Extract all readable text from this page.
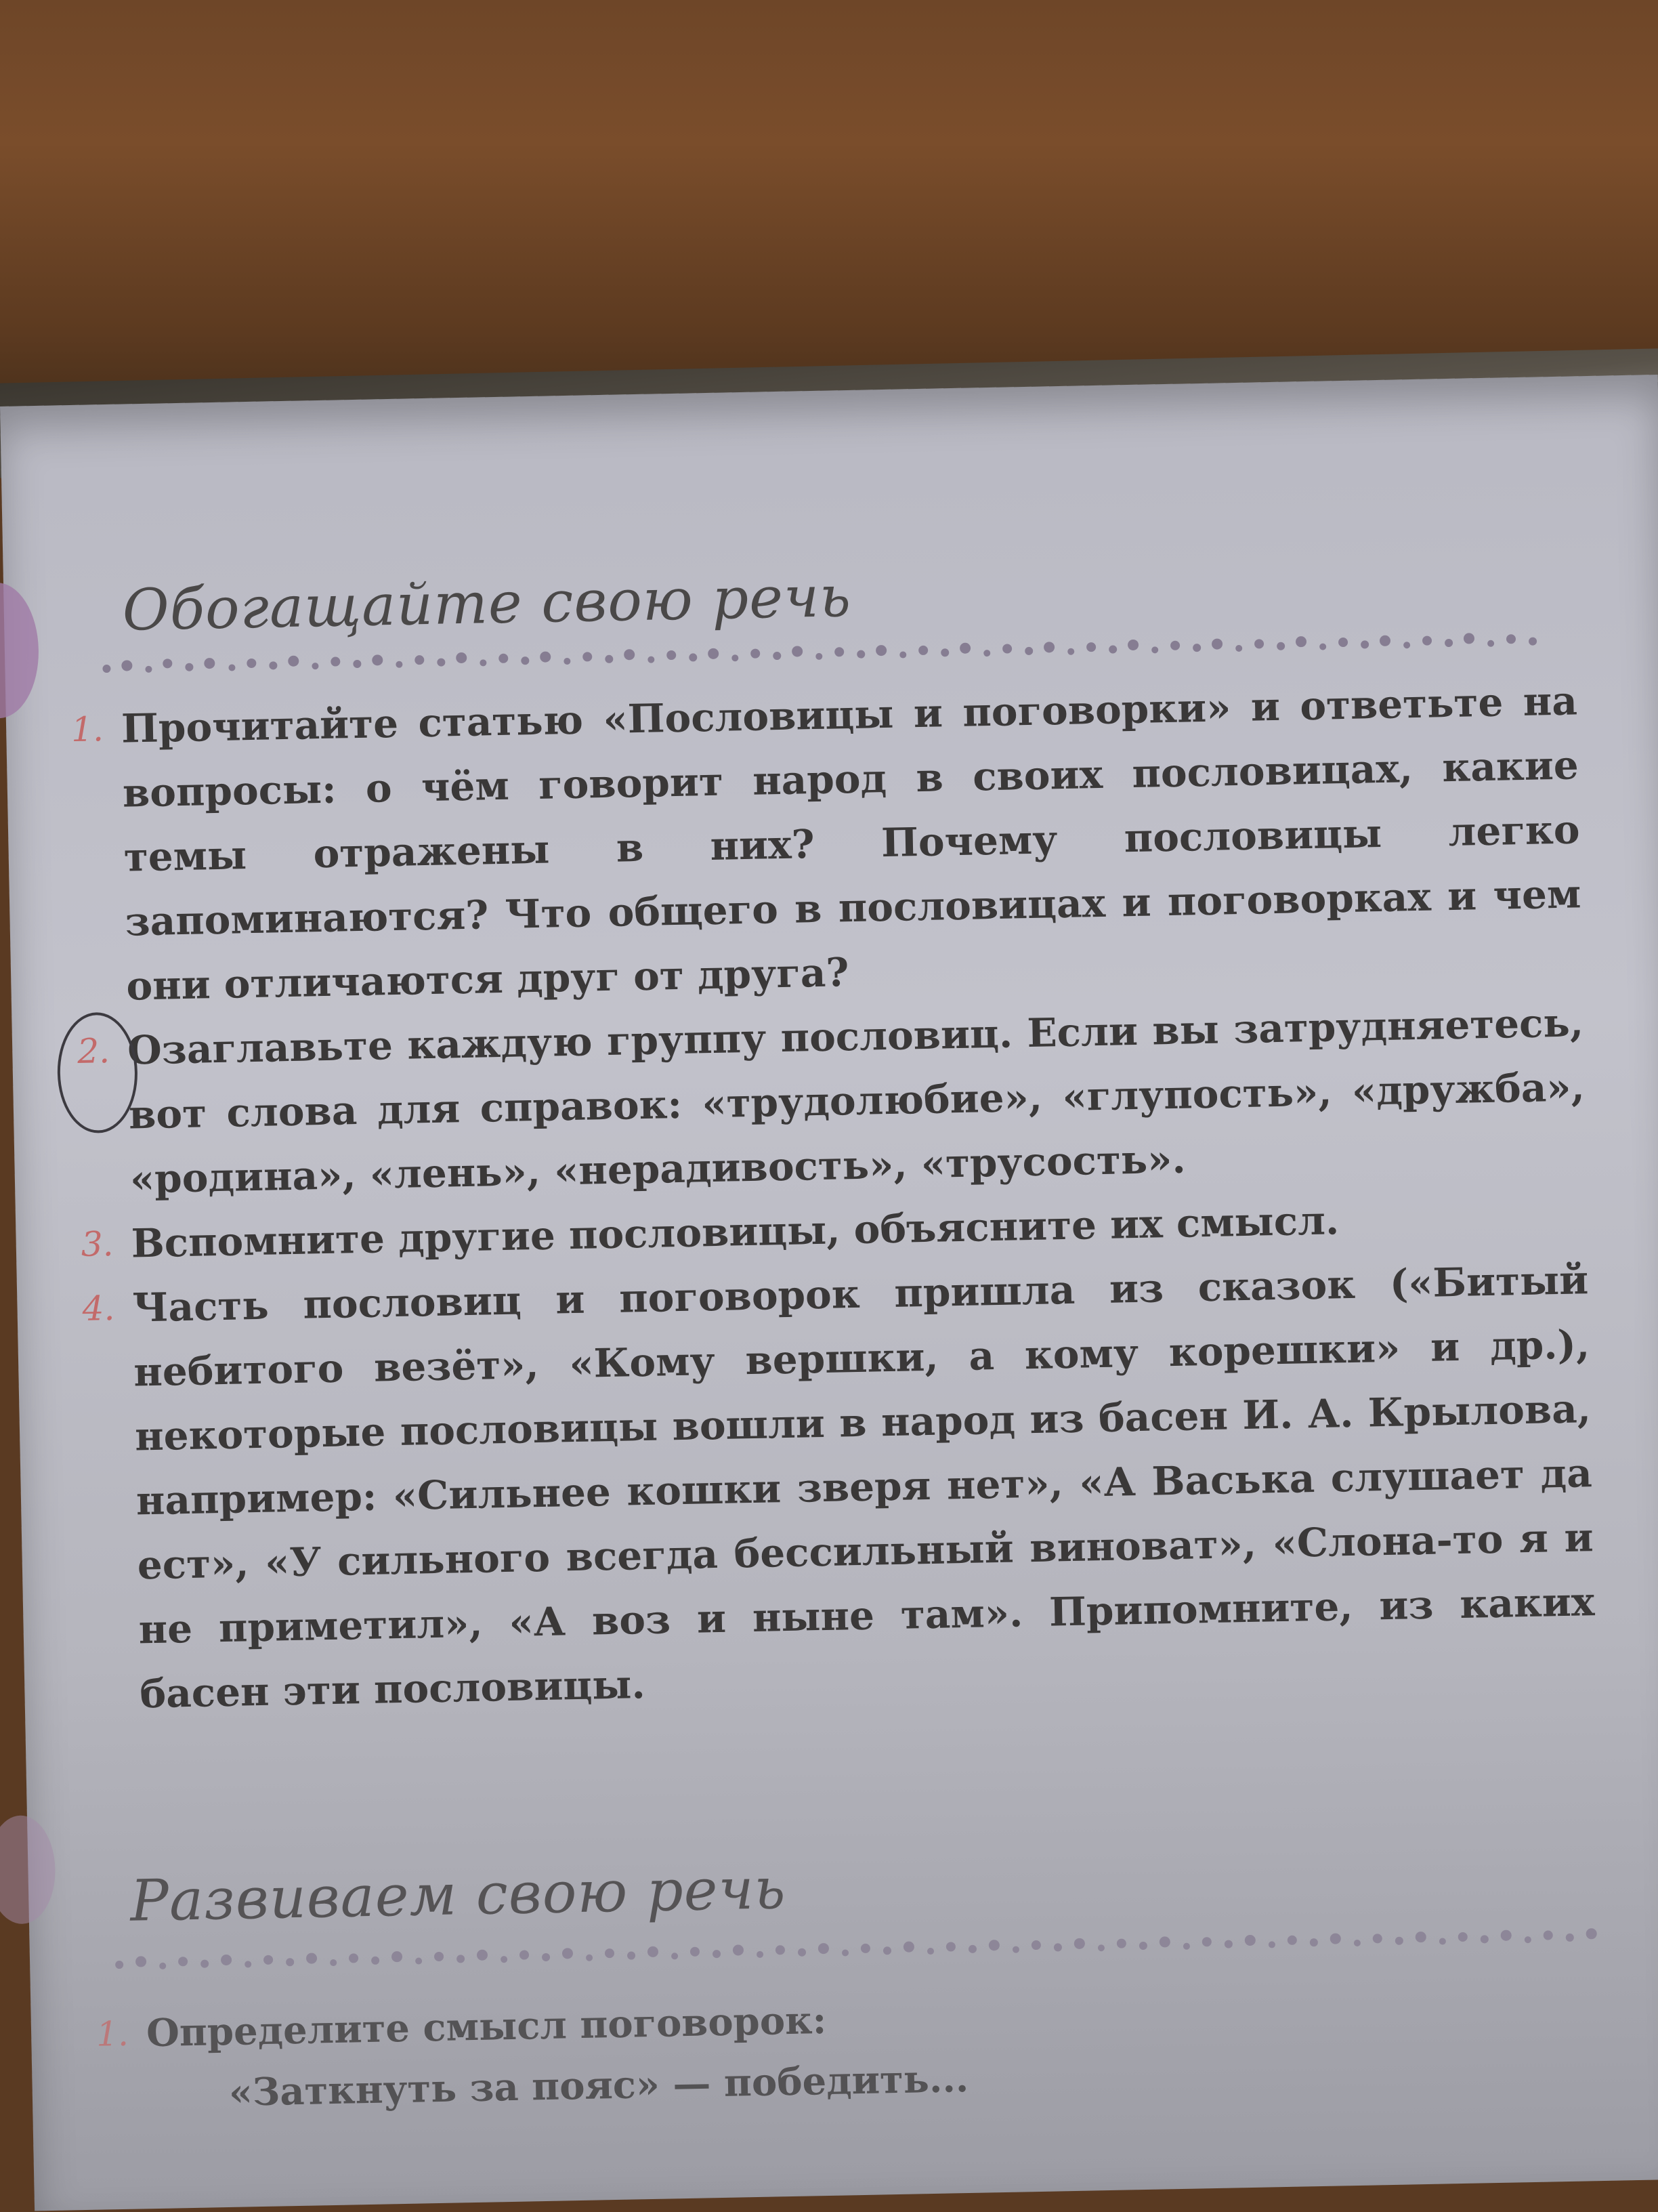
Обогащайте свою речь

1. Прочитайте статью «Пословицы и поговорки» и ответьте на вопросы: о чём говорит народ в своих пословицах, какие темы отражены в них? Почему пословицы легко запоминаются? Что общего в пословицах и поговорках и чем они отличаются друг от друга?

2. Озаглавьте каждую группу пословиц. Если вы затрудняетесь, вот слова для справок: «трудолюбие», «глупость», «дружба», «родина», «лень», «нерадивость», «трусость».

3. Вспомните другие пословицы, объясните их смысл.

4. Часть пословиц и поговорок пришла из сказок («Битый небитого везёт», «Кому вершки, а кому корешки» и др.), некоторые пословицы вошли в народ из басен И. А. Крылова, например: «Сильнее кошки зверя нет», «А Васька слушает да ест», «У сильного всегда бессильный виноват», «Слона-то я и не приметил», «А воз и ныне там». Припомните, из каких басен эти пословицы.

Развиваем свою речь

1. Определите смысл поговорок:

«Заткнуть за пояс» — победить...
